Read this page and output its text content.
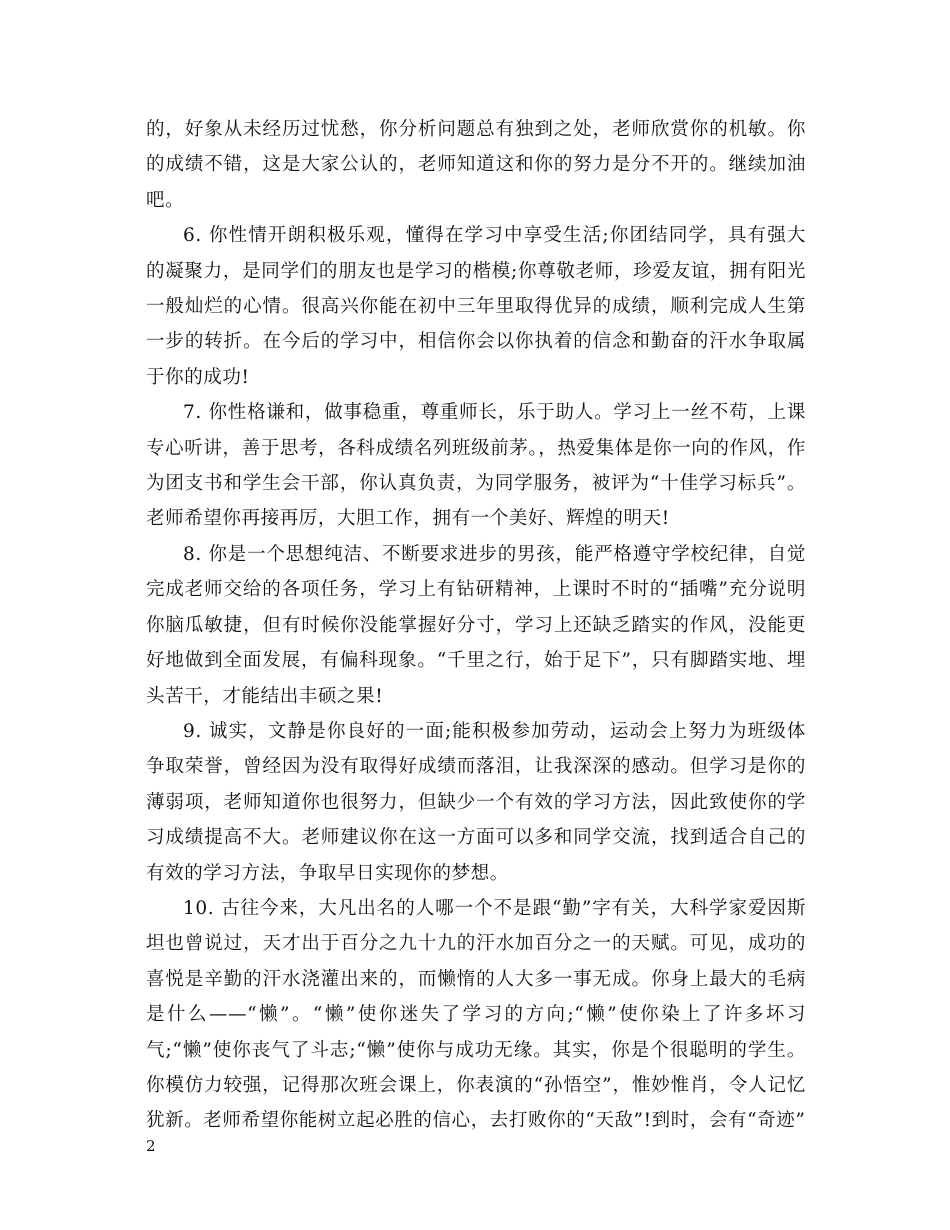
的，好象从未经历过忧愁，你分析问题总有独到之处，老师欣赏你的机敏。你的成绩不错，这是大家公认的，老师知道这和你的努力是分不开的。继续加油吧。

6. 你性情开朗积极乐观，懂得在学习中享受生活;你团结同学，具有强大的凝聚力，是同学们的朋友也是学习的楷模;你尊敬老师，珍爱友谊，拥有阳光一般灿烂的心情。很高兴你能在初中三年里取得优异的成绩，顺利完成人生第一步的转折。在今后的学习中，相信你会以你执着的信念和勤奋的汗水争取属于你的成功!

7. 你性格谦和，做事稳重，尊重师长，乐于助人。学习上一丝不苟，上课专心听讲，善于思考，各科成绩名列班级前茅。，热爱集体是你一向的作风，作为团支书和学生会干部，你认真负责，为同学服务，被评为“十佳学习标兵”。老师希望你再接再厉，大胆工作，拥有一个美好、辉煌的明天!

8. 你是一个思想纯洁、不断要求进步的男孩，能严格遵守学校纪律，自觉完成老师交给的各项任务，学习上有钻研精神，上课时不时的“插嘴”充分说明你脑瓜敏捷，但有时候你没能掌握好分寸，学习上还缺乏踏实的作风，没能更好地做到全面发展，有偏科现象。“千里之行，始于足下”，只有脚踏实地、埋头苦干，才能结出丰硕之果!

9. 诚实，文静是你良好的一面;能积极参加劳动，运动会上努力为班级体争取荣誉，曾经因为没有取得好成绩而落泪，让我深深的感动。但学习是你的薄弱项，老师知道你也很努力，但缺少一个有效的学习方法，因此致使你的学习成绩提高不大。老师建议你在这一方面可以多和同学交流，找到适合自己的有效的学习方法，争取早日实现你的梦想。

10. 古往今来，大凡出名的人哪一个不是跟“勤”字有关，大科学家爱因斯坦也曾说过，天才出于百分之九十九的汗水加百分之一的天赋。可见，成功的喜悦是辛勤的汗水浇灌出来的，而懒惰的人大多一事无成。你身上最大的毛病是什么——“懒”。“懒”使你迷失了学习的方向;“懒”使你染上了许多坏习气;“懒”使你丧气了斗志;“懒”使你与成功无缘。其实，你是个很聪明的学生。你模仿力较强，记得那次班会课上，你表演的“孙悟空”，惟妙惟肖，令人记忆犹新。老师希望你能树立起必胜的信心，去打败你的“天敌”!到时，会有“奇迹”

2
